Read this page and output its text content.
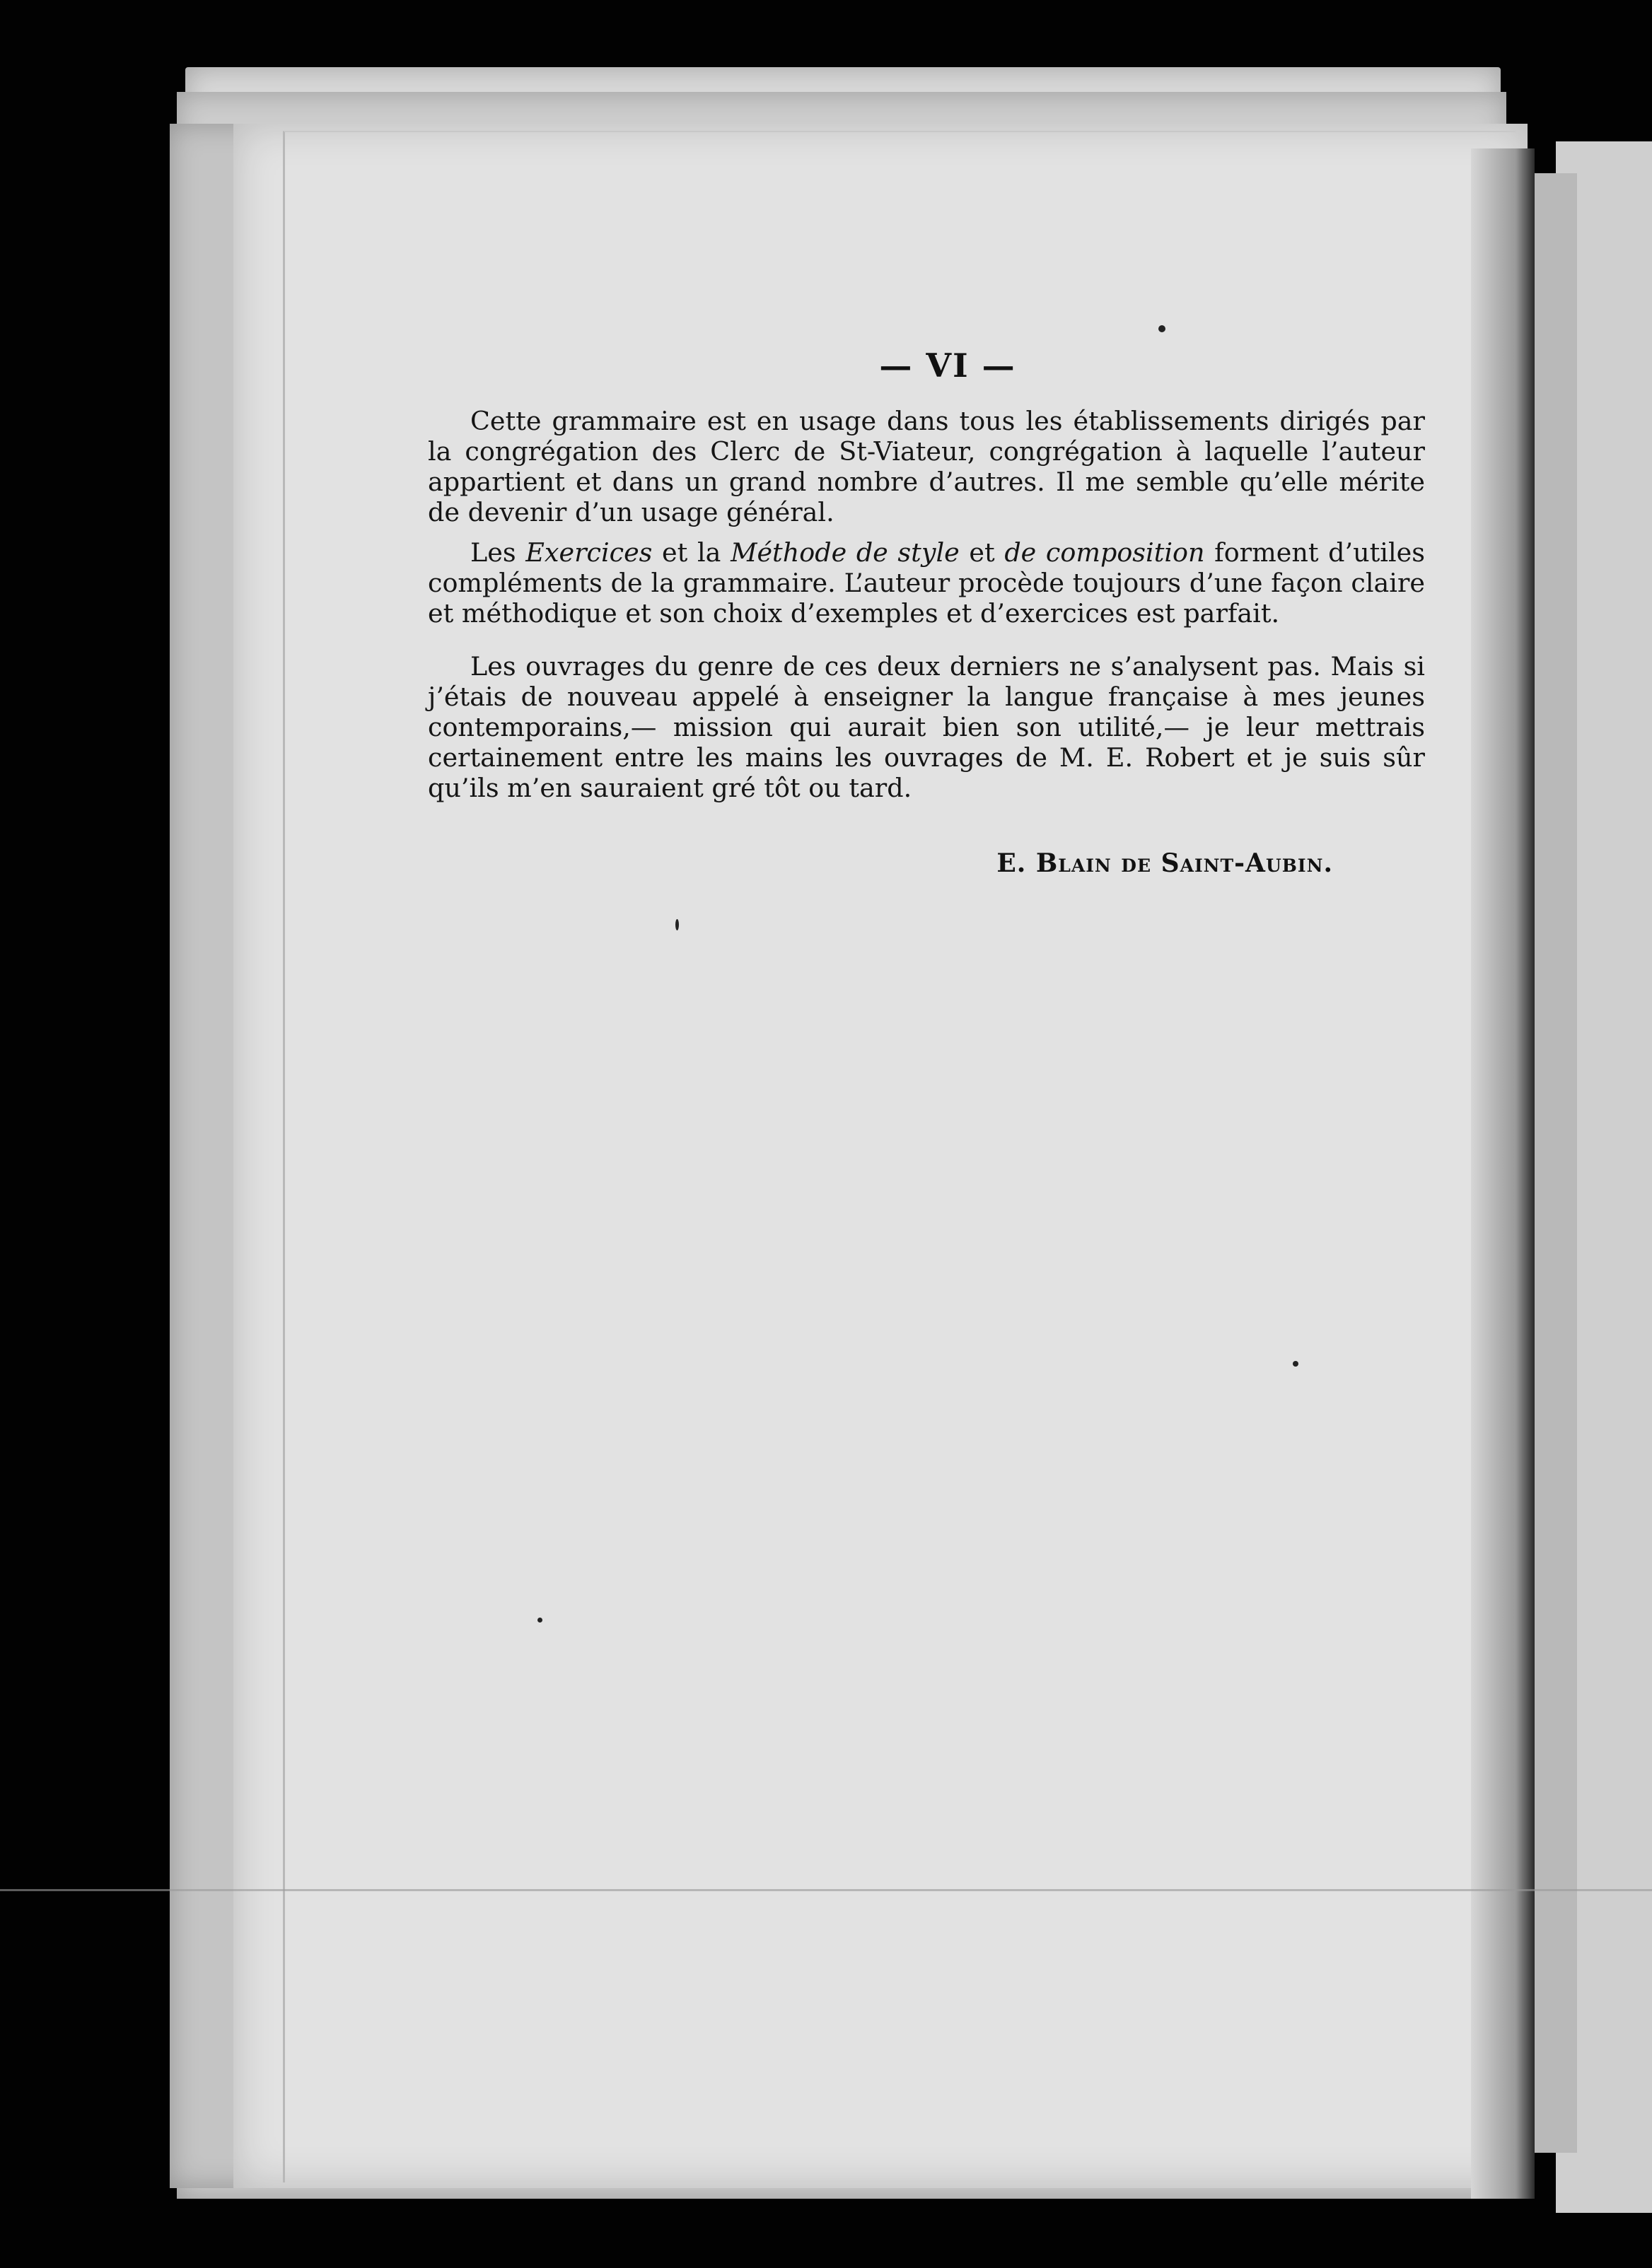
— VI —

Cette grammaire est en usage dans tous les établissements dirigés par la congrégation des Clerc de St-Viateur, congrégation à laquelle l’auteur appartient et dans un grand nombre d’autres. Il me semble qu’elle mérite de devenir d’un usage général.

Les Exercices et la Méthode de style et de composition forment d’utiles compléments de la grammaire. L’auteur procède toujours d’une façon claire et méthodique et son choix d’exemples et d’exercices est parfait.

Les ouvrages du genre de ces deux derniers ne s’analysent pas. Mais si j’étais de nouveau appelé à enseigner la langue française à mes jeunes contemporains,— mission qui aurait bien son utilité,— je leur mettrais certainement entre les mains les ouvrages de M. E. Robert et je suis sûr qu’ils m’en sauraient gré tôt ou tard.

E. Blain de Saint-Aubin.
